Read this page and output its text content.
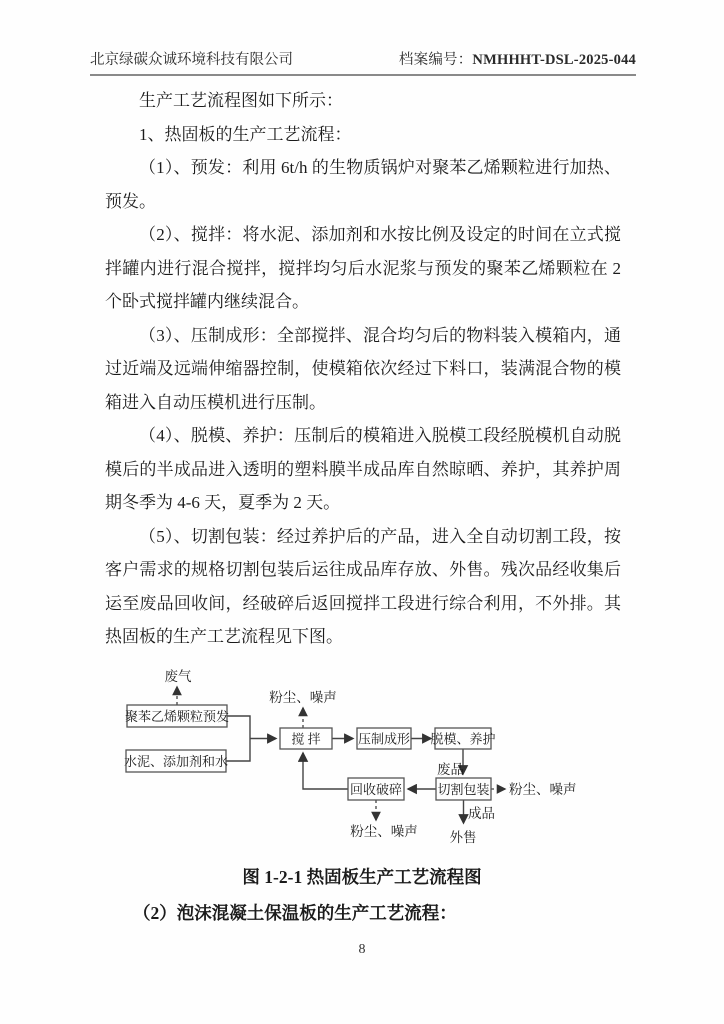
北京绿碳众诚环境科技有限公司	档案编号：NMHHHT-DSL-2025-044

生产工艺流程图如下所示：

1、热固板的生产工艺流程：

（1）、预发：利用 6t/h 的生物质锅炉对聚苯乙烯颗粒进行加热、预发。

（2）、搅拌：将水泥、添加剂和水按比例及设定的时间在立式搅拌罐内进行混合搅拌，搅拌均匀后水泥浆与预发的聚苯乙烯颗粒在 2 个卧式搅拌罐内继续混合。

（3）、压制成形：全部搅拌、混合均匀后的物料装入模箱内，通过近端及远端伸缩器控制，使模箱依次经过下料口，装满混合物的模箱进入自动压模机进行压制。

（4）、脱模、养护：压制后的模箱进入脱模工段经脱模机自动脱模后的半成品进入透明的塑料膜半成品库自然晾晒、养护，其养护周期冬季为 4-6 天，夏季为 2 天。

（5）、切割包装：经过养护后的产品，进入全自动切割工段，按客户需求的规格切割包装后运往成品库存放、外售。残次品经收集后运至废品回收间，经破碎后返回搅拌工段进行综合利用，不外排。其热固板的生产工艺流程见下图。

聚苯乙烯颗粒预发
水泥、添加剂和水
搅 拌	压制成形 脱模、养护
切割包装
回收破碎
废气
粉尘、噪声
废品
粉尘、噪声
粉尘、噪声
成品
外售
图 1-2-1 热固板生产工艺流程图
（2）泡沫混凝土保温板的生产工艺流程：
8
